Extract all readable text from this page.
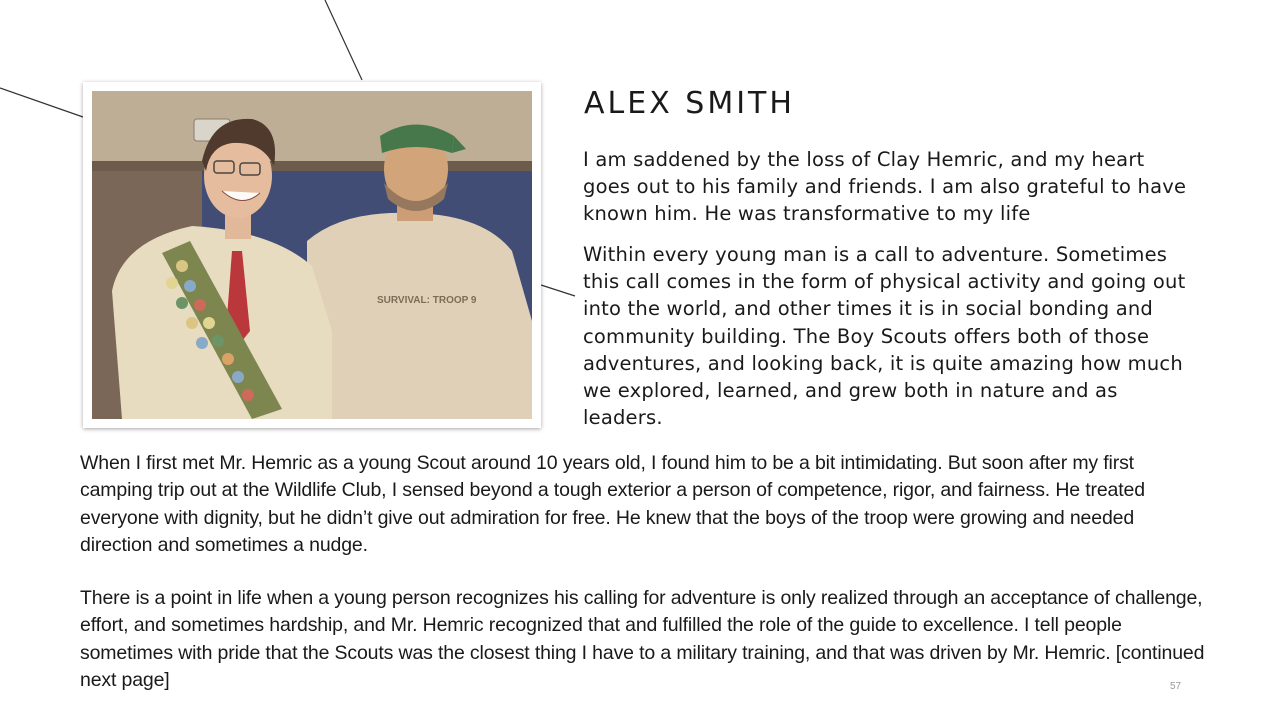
SURVIVAL: TROOP 9
ALEX SMITH

I am saddened by the loss of Clay Hemric, and my heart goes out to his family and friends. I am also grateful to have known him. He was transformative to my life

Within every young man is a call to adventure. Sometimes this call comes in the form of physical activity and going out into the world, and other times it is in social bonding and community building. The Boy Scouts offers both of those adventures, and looking back, it is quite amazing how much we explored, learned, and grew both in nature and as leaders.

When I first met Mr. Hemric as a young Scout around 10 years old, I found him to be a bit intimidating. But soon after my first camping trip out at the Wildlife Club, I sensed beyond a tough exterior a person of competence, rigor, and fairness. He treated everyone with dignity, but he didn’t give out admiration for free. He knew that the boys of the troop were growing and needed direction and sometimes a nudge.

There is a point in life when a young person recognizes his calling for adventure is only realized through an acceptance of challenge, effort, and sometimes hardship, and Mr. Hemric recognized that and fulfilled the role of the guide to excellence. I tell people sometimes with pride that the Scouts was the closest thing I have to a military training, and that was driven by Mr. Hemric. [continued next page]	57
